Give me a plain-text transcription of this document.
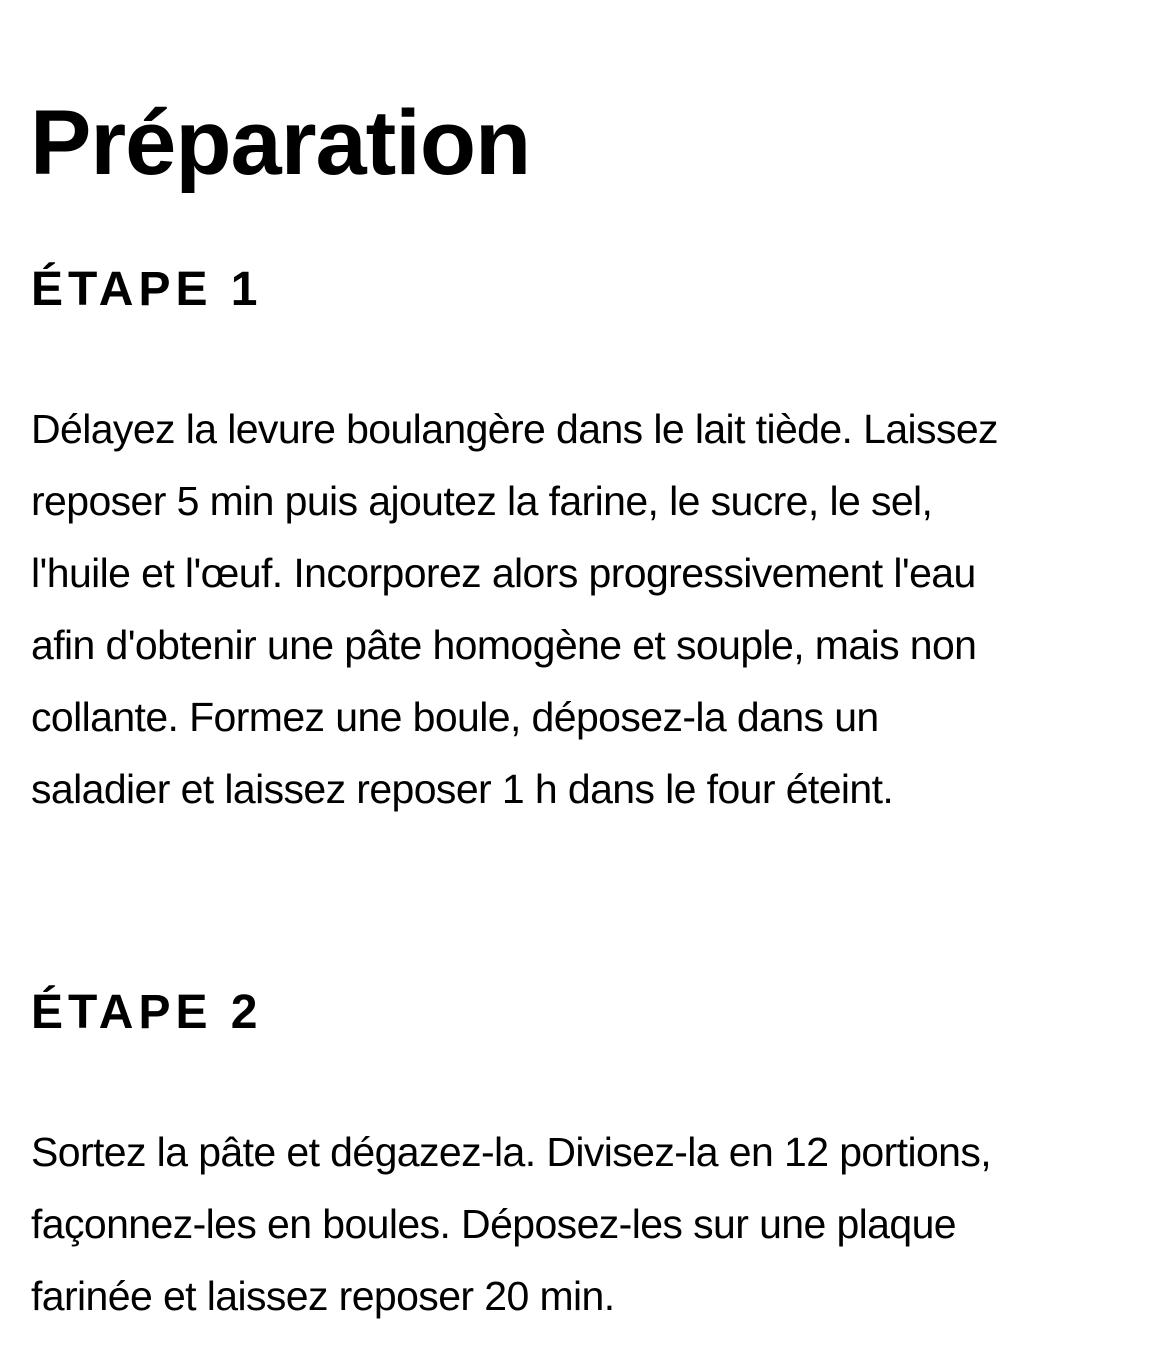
Préparation
ÉTAPE 1

Délayez la levure boulangère dans le lait tiède. Laissez
reposer 5 min puis ajoutez la farine, le sucre, le sel,
l'huile et l'œuf. Incorporez alors progressivement l'eau
afin d'obtenir une pâte homogène et souple, mais non
collante. Formez une boule, déposez-la dans un
saladier et laissez reposer 1 h dans le four éteint.

ÉTAPE 2

Sortez la pâte et dégazez-la. Divisez-la en 12 portions,
façonnez-les en boules. Déposez-les sur une plaque
farinée et laissez reposer 20 min.
